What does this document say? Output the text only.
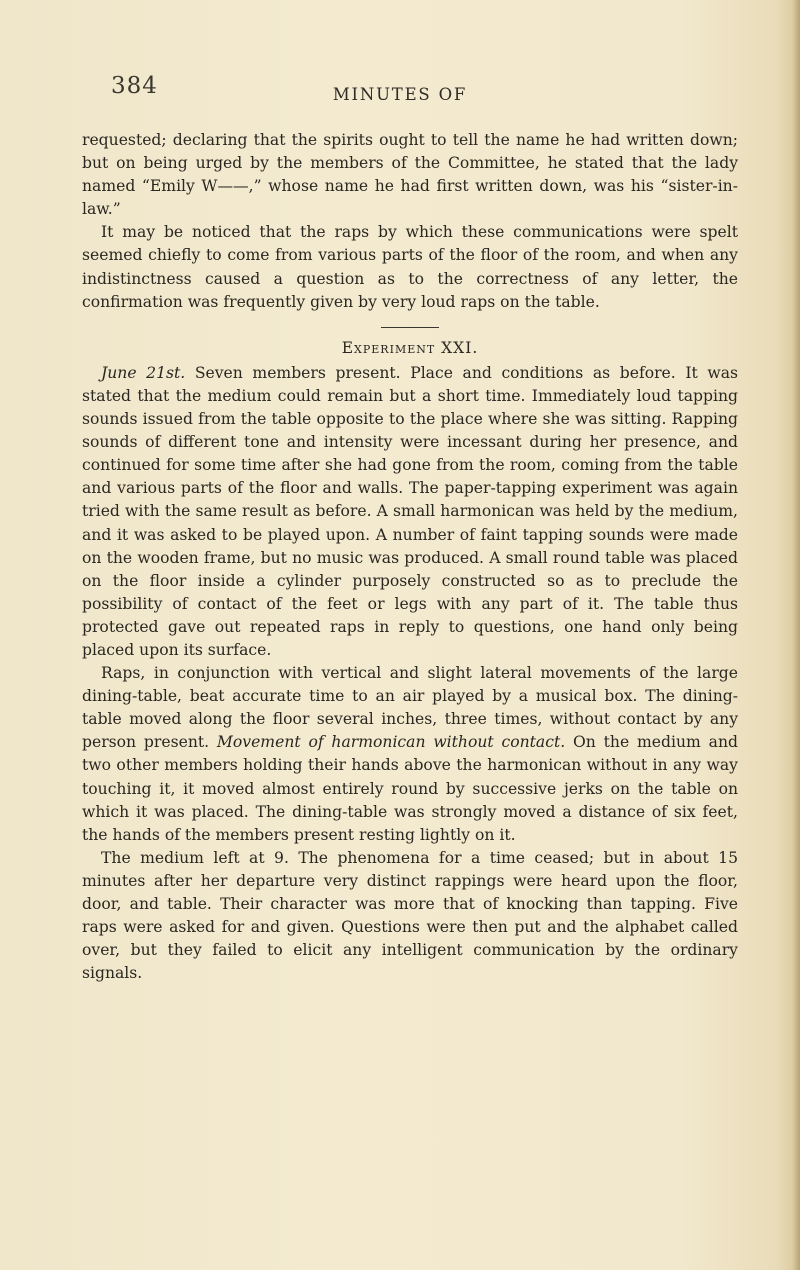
384	MINUTES OF

requested; declaring that the spirits ought to tell the name he had written down; but on being urged by the members of the Committee, he stated that the lady named “Emily W——,” whose name he had first written down, was his “sister-in-law.”

It may be noticed that the raps by which these communications were spelt seemed chiefly to come from various parts of the floor of the room, and when any indistinctness caused a question as to the correctness of any letter, the confirmation was frequently given by very loud raps on the table.

Experiment XXI.

June 21st. Seven members present. Place and conditions as before. It was stated that the medium could remain but a short time. Immediately loud tapping sounds issued from the table opposite to the place where she was sitting. Rapping sounds of different tone and intensity were incessant during her presence, and continued for some time after she had gone from the room, coming from the table and various parts of the floor and walls. The paper-tapping experiment was again tried with the same result as before. A small harmonican was held by the medium, and it was asked to be played upon. A number of faint tapping sounds were made on the wooden frame, but no music was produced. A small round table was placed on the floor inside a cylinder purposely constructed so as to preclude the possibility of contact of the feet or legs with any part of it. The table thus protected gave out repeated raps in reply to questions, one hand only being placed upon its surface.

Raps, in conjunction with vertical and slight lateral movements of the large dining-table, beat accurate time to an air played by a musical box. The dining-table moved along the floor several inches, three times, without contact by any person present. Movement of harmonican without contact. On the medium and two other members holding their hands above the harmonican without in any way touching it, it moved almost entirely round by successive jerks on the table on which it was placed. The dining-table was strongly moved a distance of six feet, the hands of the members present resting lightly on it.

The medium left at 9. The phenomena for a time ceased; but in about 15 minutes after her departure very distinct rappings were heard upon the floor, door, and table. Their character was more that of knocking than tapping. Five raps were asked for and given. Questions were then put and the alphabet called over, but they failed to elicit any intelligent communication by the ordinary signals.
